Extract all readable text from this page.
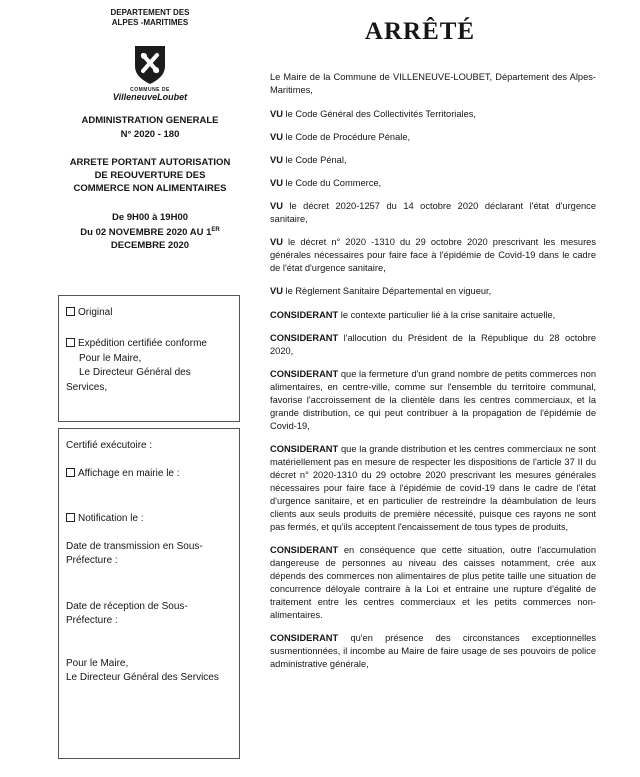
DEPARTEMENT DES
ALPES -MARITIMES
COMMUNE DE
VilleneuveLoubet
ADMINISTRATION GENERALE
N° 2020 - 180
ARRETE PORTANT AUTORISATION
DE REOUVERTURE DES
COMMERCE NON ALIMENTAIRES
De 9H00 à 19H00
Du 02 NOVEMBRE 2020 AU 1ER
DECEMBRE 2020
Original
Expédition certifiée conforme
Pour le Maire,
Le Directeur Général des
Services,
Certifié exécutoire :
Affichage en mairie le :
Notification le :
Date de transmission en Sous-
Préfecture :
Date de réception de Sous-
Préfecture :
Pour le Maire,
Le Directeur Général des Services
ARRÊTÉ

Le Maire de la Commune de VILLENEUVE-LOUBET, Département des Alpes-Maritimes,

VU le Code Général des Collectivités Territoriales,

VU le Code de Procédure Pénale,

VU le Code Pénal,

VU le Code du Commerce,

VU le décret 2020-1257 du 14 octobre 2020 déclarant l'état d'urgence sanitaire,

VU le décret n° 2020 -1310 du 29 octobre 2020 prescrivant les mesures générales nécessaires pour faire face à l'épidémie de Covid-19 dans le cadre de l'état d'urgence sanitaire,

VU le Règlement Sanitaire Départemental en vigueur,

CONSIDERANT le contexte particulier lié à la crise sanitaire actuelle,

CONSIDERANT l'allocution du Président de la République du 28 octobre 2020,

CONSIDERANT que la fermeture d'un grand nombre de petits commerces non alimentaires, en centre-ville, comme sur l'ensemble du territoire communal, favorise l'accroissement de la clientèle dans les centres commerciaux, et la grande distribution, ce qui peut contribuer à la propagation de l'épidémie de Covid-19,

CONSIDERANT que la grande distribution et les centres commerciaux ne sont matériellement pas en mesure de respecter les dispositions de l'article 37 II du décret n° 2020-1310 du 29 octobre 2020 prescrivant les mesures générales nécessaires pour faire face à l'épidémie de covid-19 dans le cadre de l'état d'urgence sanitaire, et en particulier de restreindre la déambulation de leurs clients aux seuls produits de première nécessité, puisque ces rayons ne sont pas fermés, et qu'ils acceptent l'encaissement de tous types de produits,

CONSIDERANT en conséquence que cette situation, outre l'accumulation dangereuse de personnes au niveau des caisses notamment, crée aux dépends des commerces non alimentaires de plus petite taille une situation de concurrence déloyale contraire à la Loi et entraine une rupture d'égalité de traitement entre les centres commerciaux et les petits commerces non-alimentaires.

CONSIDERANT qu'en présence des circonstances exceptionnelles susmentionnées, il incombe au Maire de faire usage de ses pouvoirs de police administrative générale,
